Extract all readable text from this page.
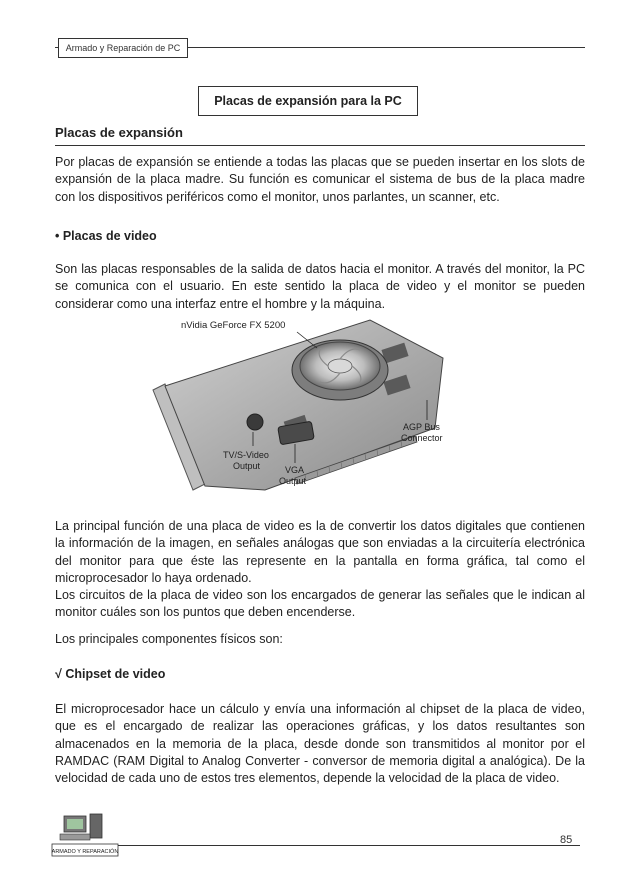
Armado y Reparación de PC
Placas de expansión para la PC
Placas de expansión
Por placas de expansión se entiende a todas las placas que se pueden insertar en los slots de expansión de la placa madre. Su función es comunicar el sistema de bus de la placa madre con los dispositivos periféricos como el monitor, unos parlantes, un scanner, etc.
• Placas de video
Son las placas responsables de la salida de datos hacia el monitor. A través del monitor, la PC se comunica con el usuario. En este sentido la placa de video y el monitor se pueden considerar como una interfaz entre el hombre y la máquina.
nVidia GeForce FX 5200
AGP Bus Connector
TV/S-Video Output	VGA Output
La principal función de una placa de video es la de convertir los datos digitales que contienen la información de la imagen, en señales análogas que son enviadas a la circuitería electrónica del monitor para que éste las represente en la pantalla en forma gráfica, tal como el microprocesador lo haya ordenado.
Los circuitos de la placa de video son los encargados de generar las señales que le indican al monitor cuáles son los puntos que deben encenderse.
Los principales componentes físicos son:
√ Chipset de video
El microprocesador hace un cálculo y envía una información al chipset de la placa de video, que es el encargado de realizar las operaciones gráficas, y los datos resultantes son almacenados en la memoria de la placa, desde donde son transmitidos al monitor por el RAMDAC (RAM Digital to Analog Converter - conversor de memoria digital a analógica). De la velocidad de cada uno de estos tres elementos, depende la velocidad de la placa de video.
ARMADO Y REPARACIÓN
85
